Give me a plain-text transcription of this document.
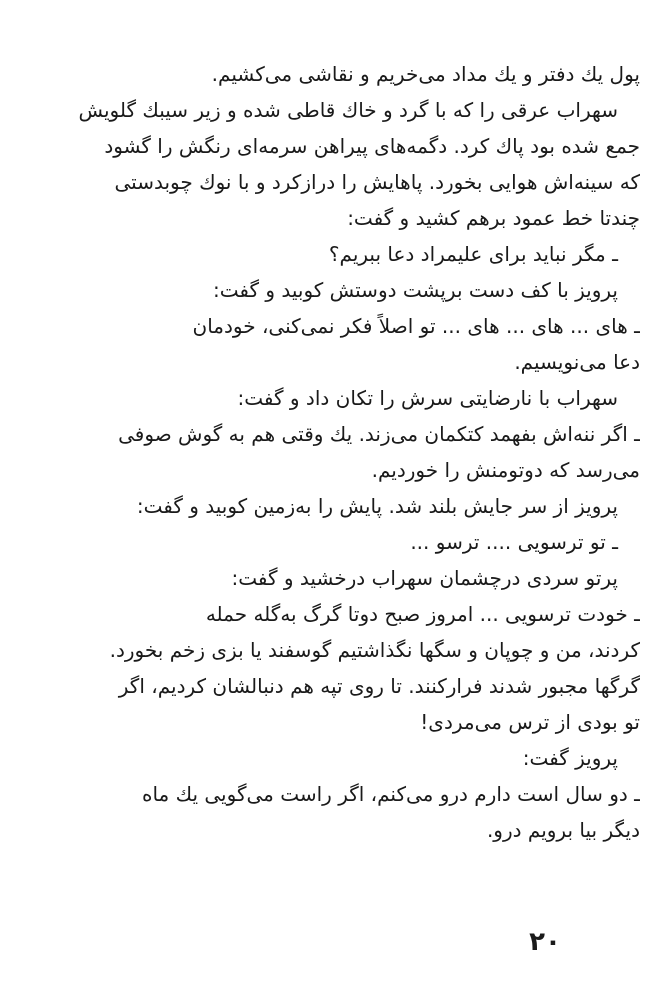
پول یك دفتر و یك مداد می‌خریم و نقاشی می‌کشیم.
سهراب عرقی را که با گرد و خاك قاطی شده و زیر سیبك گلویش
جمع شده بود پاك کرد. دگمه‌های پیراهن سرمه‌ای رنگش را گشود
که سینه‌اش هوایی بخورد. پاهایش را درازکرد و با نوك چوبدستی
چندتا خط عمود برهم کشید و گفت:
ـ مگر نباید برای علیمراد دعا ببریم؟
پرویز با کف دست برپشت دوستش کوبید و گفت:
ـ های ... های ... های ... تو اصلاً فکر نمی‌کنی، خودمان
دعا می‌نویسیم.
سهراب با نارضایتی سرش را تکان داد و گفت:
ـ اگر ننه‌اش بفهمد کتکمان می‌زند. یك وقتی هم به گوش صوفی
می‌رسد که دوتومنش را خوردیم.
پرویز از سر جایش بلند شد. پایش را به‌زمین کوبید و گفت:
ـ تو ترسویی .... ترسو ...
پرتو سردی درچشمان سهراب درخشید و گفت:
ـ خودت ترسویی ... امروز صبح دوتا گرگ به‌گله حمله
کردند، من و چوپان و سگها نگذاشتیم گوسفند یا بزی زخم بخورد.
گرگها مجبور شدند فرارکنند. تا روی تپه هم دنبالشان کردیم، اگر
تو بودی از ترس می‌مردی!
پرویز گفت:
ـ دو سال است دارم درو می‌کنم، اگر راست می‌گویی یك ماه
دیگر بیا برویم درو.
۲۰
